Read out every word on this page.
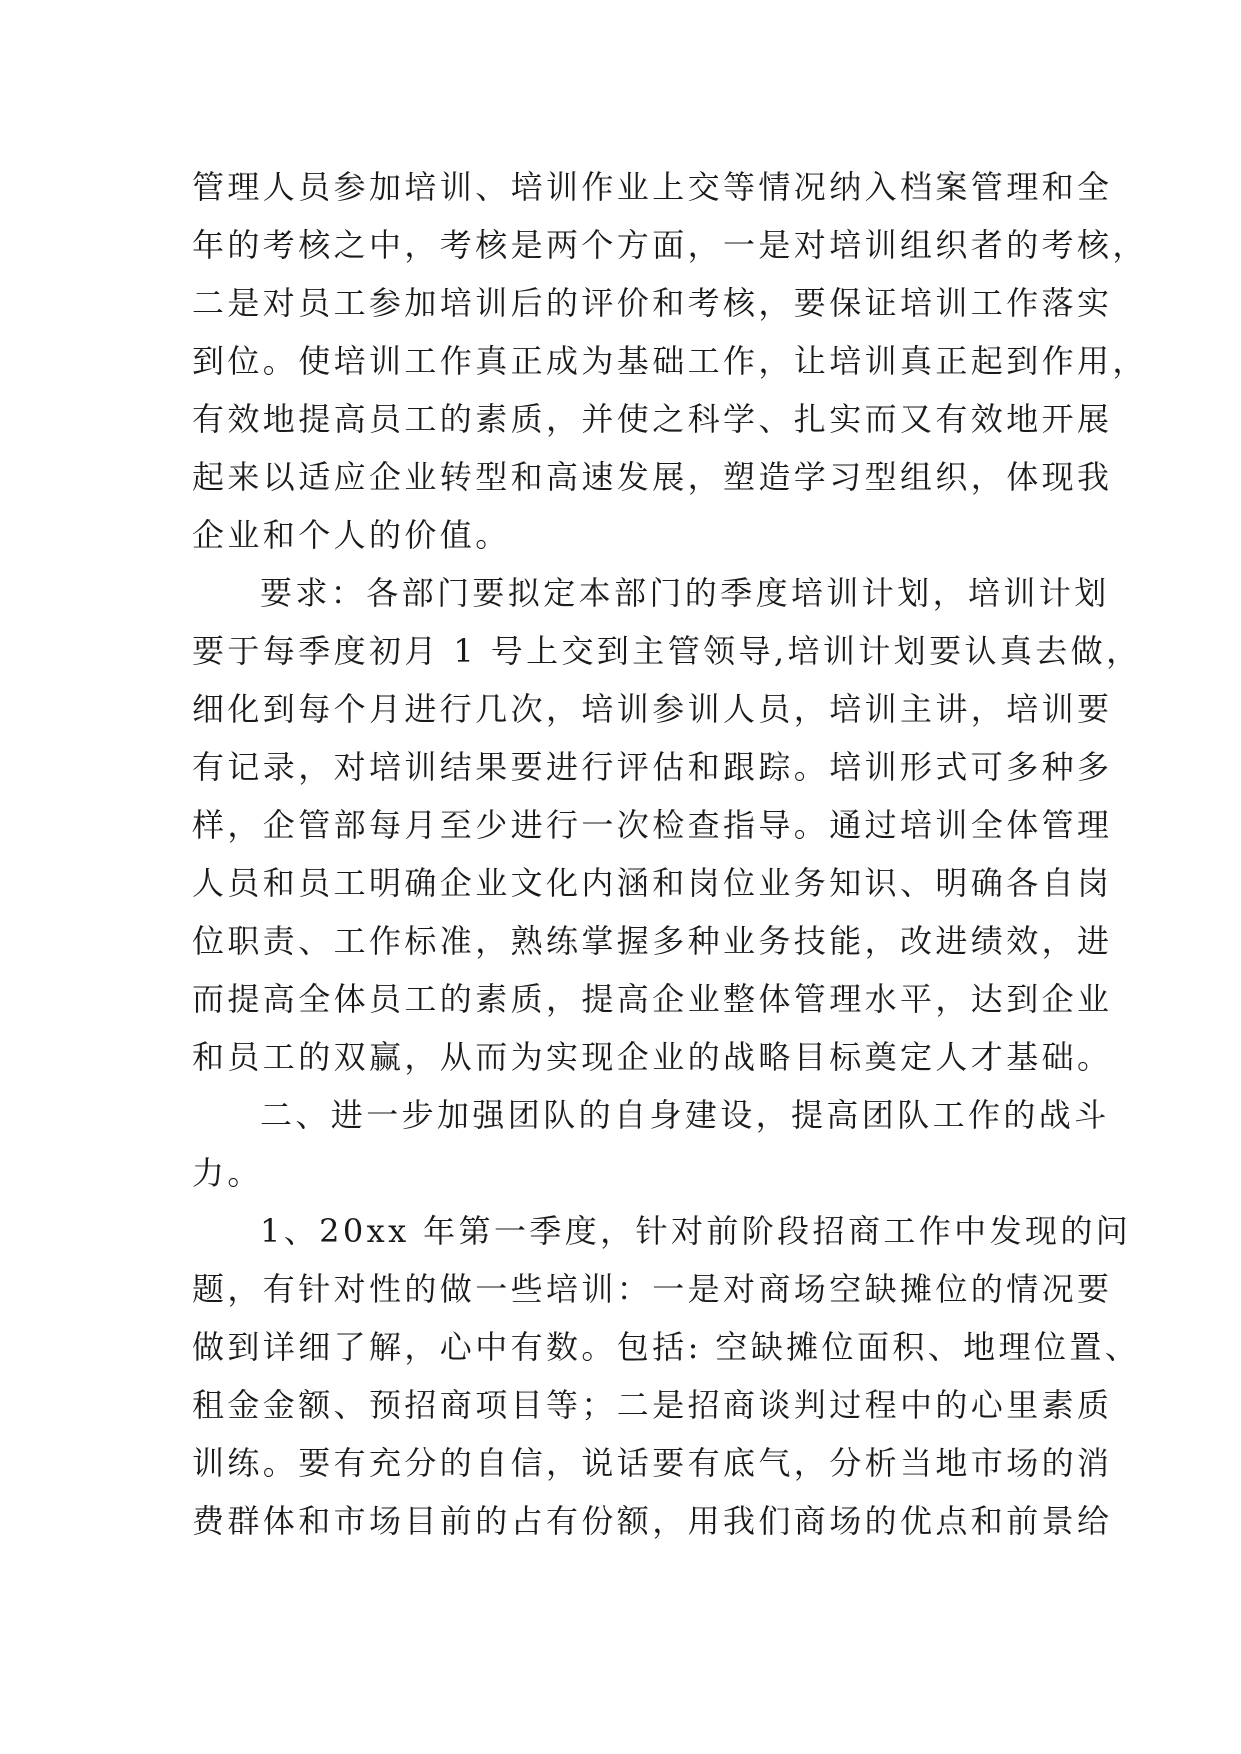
管理人员参加培训、培训作业上交等情况纳入档案管理和全
年的考核之中，考核是两个方面，一是对培训组织者的考核，
二是对员工参加培训后的评价和考核，要保证培训工作落实
到位。使培训工作真正成为基础工作，让培训真正起到作用，
有效地提高员工的素质，并使之科学、扎实而又有效地开展
起来以适应企业转型和高速发展，塑造学习型组织，体现我
企业和个人的价值。
要求：各部门要拟定本部门的季度培训计划，培训计划
要于每季度初月 1 号上交到主管领导,培训计划要认真去做，
细化到每个月进行几次，培训参训人员，培训主讲，培训要
有记录，对培训结果要进行评估和跟踪。培训形式可多种多
样，企管部每月至少进行一次检查指导。通过培训全体管理
人员和员工明确企业文化内涵和岗位业务知识、明确各自岗
位职责、工作标准，熟练掌握多种业务技能，改进绩效，进
而提高全体员工的素质，提高企业整体管理水平，达到企业
和员工的双赢，从而为实现企业的战略目标奠定人才基础。
二、进一步加强团队的自身建设，提高团队工作的战斗
力。
1、20xx 年第一季度，针对前阶段招商工作中发现的问
题，有针对性的做一些培训：一是对商场空缺摊位的情况要
做到详细了解，心中有数。包括: 空缺摊位面积、地理位置、
租金金额、预招商项目等；二是招商谈判过程中的心里素质
训练。要有充分的自信，说话要有底气，分析当地市场的消
费群体和市场目前的占有份额，用我们商场的优点和前景给
